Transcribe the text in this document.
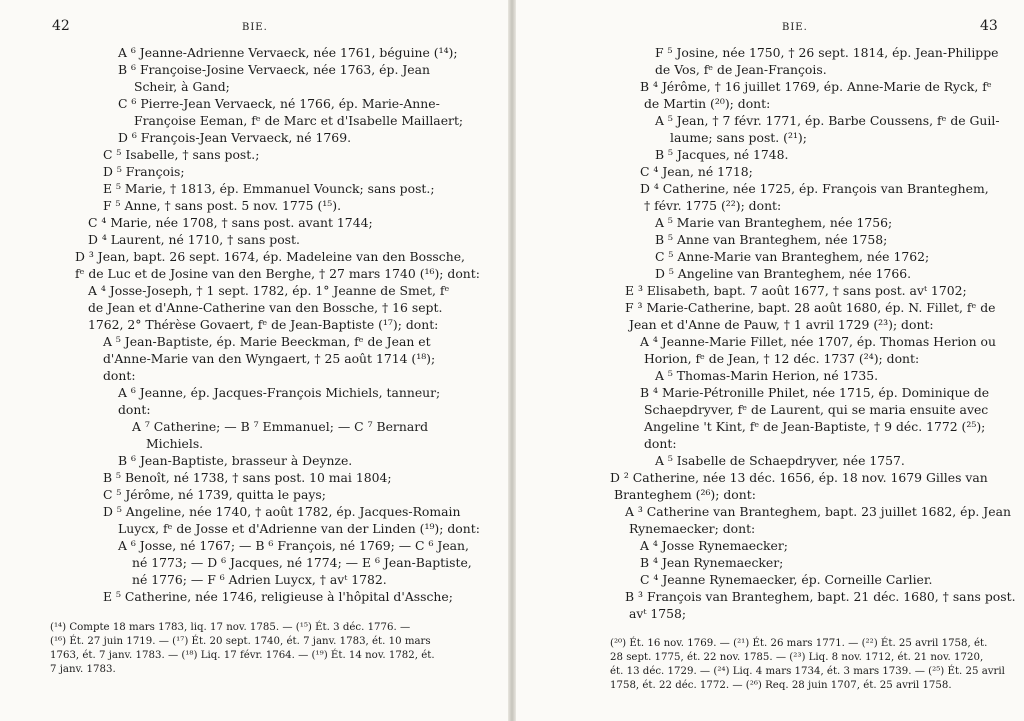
42	BIE.
A ⁶ Jeanne-Adrienne Vervaeck, née 1761, béguine (¹⁴);
B ⁶ Françoise-Josine Vervaeck, née 1763, ép. Jean
Scheir, à Gand;
C ⁶ Pierre-Jean Vervaeck, né 1766, ép. Marie-Anne-
Françoise Eeman, fᵉ de Marc et d'Isabelle Maillaert;
D ⁶ François-Jean Vervaeck, né 1769.
C ⁵ Isabelle, † sans post.;
D ⁵ François;
E ⁵ Marie, † 1813, ép. Emmanuel Vounck; sans post.;
F ⁵ Anne, † sans post. 5 nov. 1775 (¹⁵).
C ⁴ Marie, née 1708, † sans post. avant 1744;
D ⁴ Laurent, né 1710, † sans post.
D ³ Jean, bapt. 26 sept. 1674, ép. Madeleine van den Bossche,
fᵉ de Luc et de Josine van den Berghe, † 27 mars 1740 (¹⁶); dont:
A ⁴ Josse-Joseph, † 1 sept. 1782, ép. 1° Jeanne de Smet, fᵉ
de Jean et d'Anne-Catherine van den Bossche, † 16 sept.
1762, 2° Thérèse Govaert, fᵉ de Jean-Baptiste (¹⁷); dont:
A ⁵ Jean-Baptiste, ép. Marie Beeckman, fᵉ de Jean et
d'Anne-Marie van den Wyngaert, † 25 août 1714 (¹⁸);
dont:
A ⁶ Jeanne, ép. Jacques-François Michiels, tanneur;
dont:
A ⁷ Catherine; — B ⁷ Emmanuel; — C ⁷ Bernard
Michiels.
B ⁶ Jean-Baptiste, brasseur à Deynze.
B ⁵ Benoît, né 1738, † sans post. 10 mai 1804;
C ⁵ Jérôme, né 1739, quitta le pays;
D ⁵ Angeline, née 1740, † août 1782, ép. Jacques-Romain
Luycx, fᵉ de Josse et d'Adrienne van der Linden (¹⁹); dont:
A ⁶ Josse, né 1767; — B ⁶ François, né 1769; — C ⁶ Jean,
né 1773; — D ⁶ Jacques, né 1774; — E ⁶ Jean-Baptiste,
né 1776; — F ⁶ Adrien Luycx, † avᵗ 1782.
E ⁵ Catherine, née 1746, religieuse à l'hôpital d'Assche;
(¹⁴) Compte 18 mars 1783, liq. 17 nov. 1785. — (¹⁵) Ét. 3 déc. 1776. —
(¹⁶) Ét. 27 juin 1719. — (¹⁷) Ét. 20 sept. 1740, ét. 7 janv. 1783, ét. 10 mars
1763, ét. 7 janv. 1783. — (¹⁸) Liq. 17 févr. 1764. — (¹⁹) Ét. 14 nov. 1782, ét.
7 janv. 1783.
BIE.	43
F ⁵ Josine, née 1750, † 26 sept. 1814, ép. Jean-Philippe
de Vos, fᵉ de Jean-François.
B ⁴ Jérôme, † 16 juillet 1769, ép. Anne-Marie de Ryck, fᵉ
de Martin (²⁰); dont:
A ⁵ Jean, † 7 févr. 1771, ép. Barbe Coussens, fᵉ de Guil-
laume; sans post. (²¹);
B ⁵ Jacques, né 1748.
C ⁴ Jean, né 1718;
D ⁴ Catherine, née 1725, ép. François van Branteghem,
† févr. 1775 (²²); dont:
A ⁵ Marie van Branteghem, née 1756;
B ⁵ Anne van Branteghem, née 1758;
C ⁵ Anne-Marie van Branteghem, née 1762;
D ⁵ Angeline van Branteghem, née 1766.
E ³ Elisabeth, bapt. 7 août 1677, † sans post. avᵗ 1702;
F ³ Marie-Catherine, bapt. 28 août 1680, ép. N. Fillet, fᵉ de
Jean et d'Anne de Pauw, † 1 avril 1729 (²³); dont:
A ⁴ Jeanne-Marie Fillet, née 1707, ép. Thomas Herion ou
Horion, fᵉ de Jean, † 12 déc. 1737 (²⁴); dont:
A ⁵ Thomas-Marin Herion, né 1735.
B ⁴ Marie-Pétronille Philet, née 1715, ép. Dominique de
Schaepdryver, fᵉ de Laurent, qui se maria ensuite avec
Angeline 't Kint, fᵉ de Jean-Baptiste, † 9 déc. 1772 (²⁵);
dont:
A ⁵ Isabelle de Schaepdryver, née 1757.
D ² Catherine, née 13 déc. 1656, ép. 18 nov. 1679 Gilles van
Branteghem (²⁶); dont:
A ³ Catherine van Branteghem, bapt. 23 juillet 1682, ép. Jean
Rynemaecker; dont:
A ⁴ Josse Rynemaecker;
B ⁴ Jean Rynemaecker;
C ⁴ Jeanne Rynemaecker, ép. Corneille Carlier.
B ³ François van Branteghem, bapt. 21 déc. 1680, † sans post.
avᵗ 1758;
(²⁰) Ét. 16 nov. 1769. — (²¹) Ét. 26 mars 1771. — (²²) Ét. 25 avril 1758, ét.
28 sept. 1775, ét. 22 nov. 1785. — (²³) Liq. 8 nov. 1712, ét. 21 nov. 1720,
ét. 13 déc. 1729. — (²⁴) Liq. 4 mars 1734, ét. 3 mars 1739. — (²⁵) Ét. 25 avril
1758, ét. 22 déc. 1772. — (²⁶) Req. 28 juin 1707, ét. 25 avril 1758.
